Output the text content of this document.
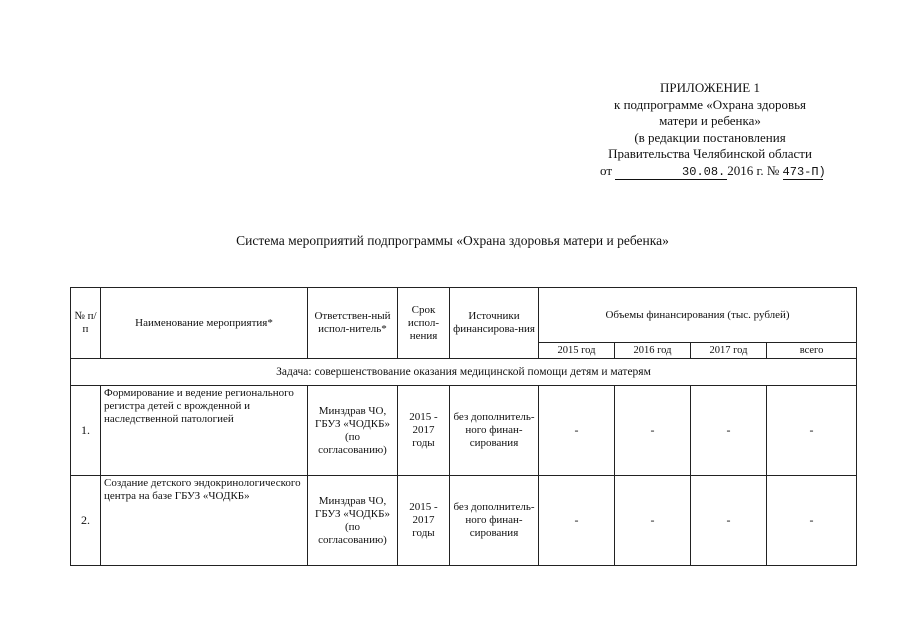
ПРИЛОЖЕНИЕ 1
к подпрограмме «Охрана здоровья
матери и ребенка»
(в редакции постановления
Правительства Челябинской области
от	30.08. 2016 г. № 473-П)
Система мероприятий подпрограммы «Охрана здоровья матери и ребенка»
№ п/п	Наименование мероприятия*	Ответствен-ный испол-нитель*	Срок испол-нения	Источники финансирова-ния	Объемы финансирования (тыс. рублей)			
					2015 год	2016 год	2017 год	всего
Задача: совершенствование оказания медицинской помощи детям и матерям								
1.	Формирование и ведение регионального регистра детей с врожденной и наследственной патологией	Минздрав ЧО, ГБУЗ «ЧОДКБ» (по согласованию)	2015 - 2017 годы	без дополнитель-ного финан-сирования	-	-	-	-
2.	Создание детского эндокринологического центра на базе ГБУЗ «ЧОДКБ»	Минздрав ЧО, ГБУЗ «ЧОДКБ» (по согласованию)	2015 - 2017 годы	без дополнитель-ного финан-сирования	-	-	-	-
